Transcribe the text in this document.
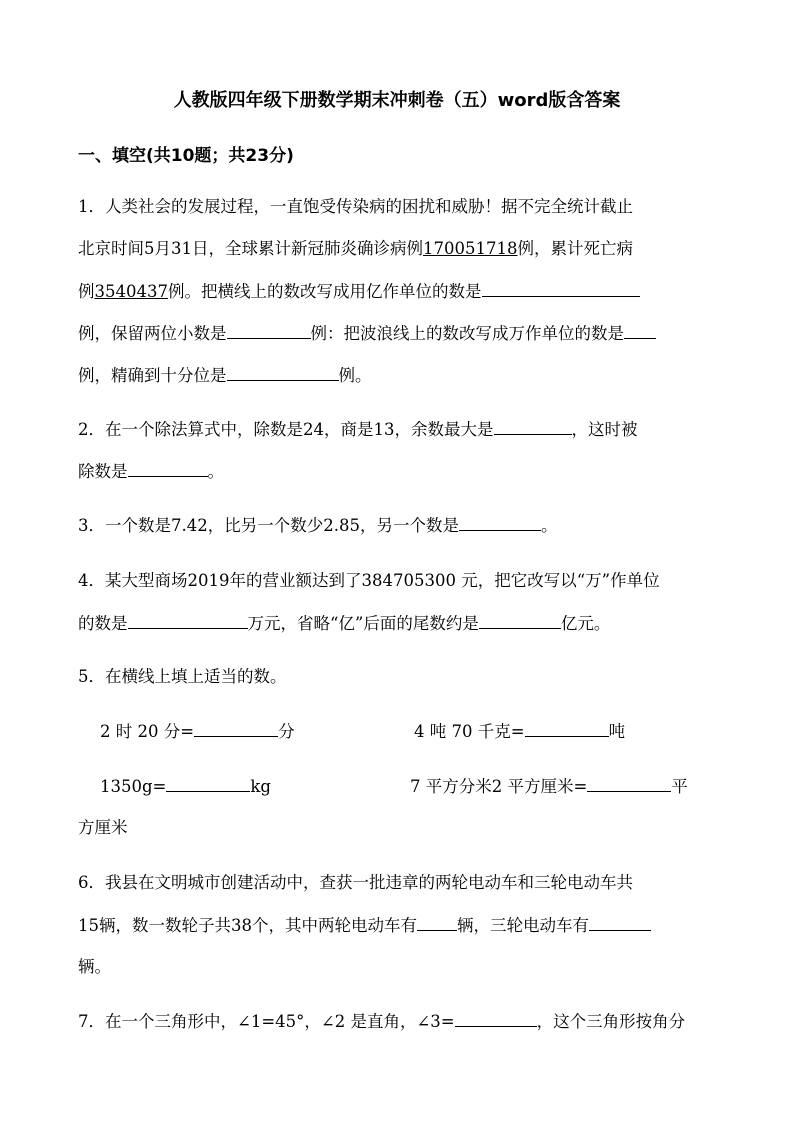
人教版四年级下册数学期末冲刺卷（五）word版含答案
一、填空(共10题；共23分)
1．人类社会的发展过程，一直饱受传染病的困扰和威胁！据不完全统计截止
北京时间5月31日，全球累计新冠肺炎确诊病例170051718例，累计死亡病
例3540437例。把横线上的数改写成用亿作单位的数是
例，保留两位小数是	例：把波浪线上的数改写成万作单位的数是
例，精确到十分位是	例。
2．在一个除法算式中，除数是24，商是13，余数最大是	，这时被
除数是	。
3．一个数是7.42，比另一个数少2.85，另一个数是	。
4．某大型商场2019年的营业额达到了384705300 元，把它改写以“万”作单位
的数是	万元，省略“亿”后面的尾数约是	亿元。
5．在横线上填上适当的数。
2 时 20 分=	分	4 吨 70 千克=	吨
1350g=	kg	7 平方分米2 平方厘米=	平
方厘米
6．我县在文明城市创建活动中，查获一批违章的两轮电动车和三轮电动车共
15辆，数一数轮子共38个，其中两轮电动车有 辆，三轮电动车有
辆。
7．在一个三角形中，∠1=45°，∠2 是直角，∠3=	，这个三角形按角分
